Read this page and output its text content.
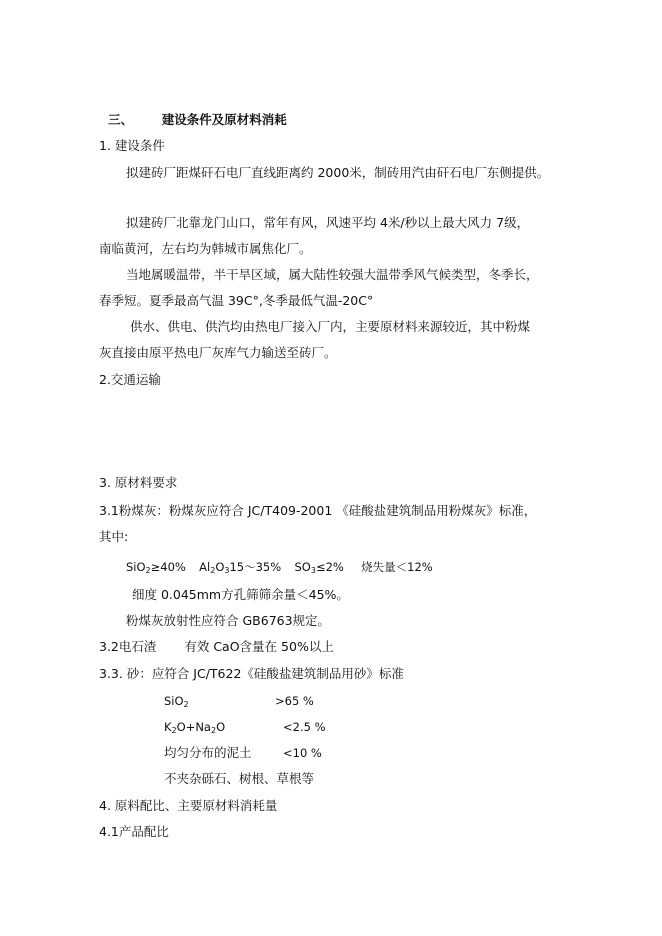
三、 建设条件及原材料消耗
1. 建设条件
拟建砖厂距煤矸石电厂直线距离约 2000米，制砖用汽由矸石电厂东侧提供。
拟建砖厂北靠龙门山口，常年有风，风速平均 4米/秒以上最大风力 7级，
南临黄河，左右均为韩城市属焦化厂。
当地属暖温带，半干旱区域，属大陆性较强大温带季风气候类型，冬季长，
春季短。夏季最高气温 39C°,冬季最低气温-20C°
供水、供电、供汽均由热电厂接入厂内，主要原材料来源较近，其中粉煤
灰直接由原平热电厂灰库气力输送至砖厂。
2.交通运输
3. 原材料要求
3.1粉煤灰：粉煤灰应符合 JC/T409-2001 《硅酸盐建筑制品用粉煤灰》标准，
其中:
SiO$_2$≥40% $Al_2O_315\sim 35\%$ $SO_3\le 2\%$ 烧失量＜12%
细度 0.045mm方孔筛筛余量＜45%。
粉煤灰放射性应符合 GB6763规定。
3.2电石渣 有效 CaO含量在 50%以上
3.3. 砂：应符合 JC/T622《硅酸盐建筑制品用砂》标准
SiO$_2$	>65 %
$K_2O+Na_2O$	<2.5 %
均匀分布的泥土	<10 %
不夹杂砾石、树根、草根等
4. 原料配比、主要原材料消耗量
4.1产品配比
